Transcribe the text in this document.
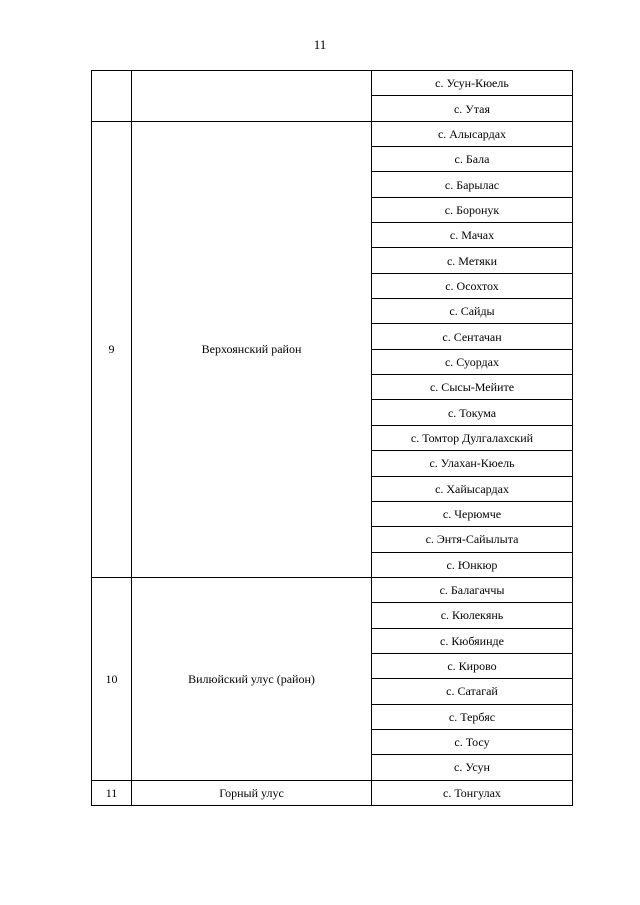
11
		с. Усун-Кюель
		с. Утая
9	Верхоянский район	с. Алысардах
		с. Бала
		с. Барылас
		с. Боронук
		с. Мачах
		с. Метяки
		с. Осохтох
		с. Сайды
		с. Сентачан
		с. Суордах
		с. Сысы-Мейите
		с. Токума
		с. Томтор Дулгалахский
		с. Улахан-Кюель
		с. Хайысардах
		с. Черюмче
		с. Энтя-Сайылыта
		с. Юнкюр
10	Вилюйский улус (район)	с. Балагаччы
		с. Кюлекянь
		с. Кюбяинде
		с. Кирово
		с. Сатагай
		с. Тербяс
		с. Тосу
		с. Усун
11	Горный улус	с. Тонгулах
